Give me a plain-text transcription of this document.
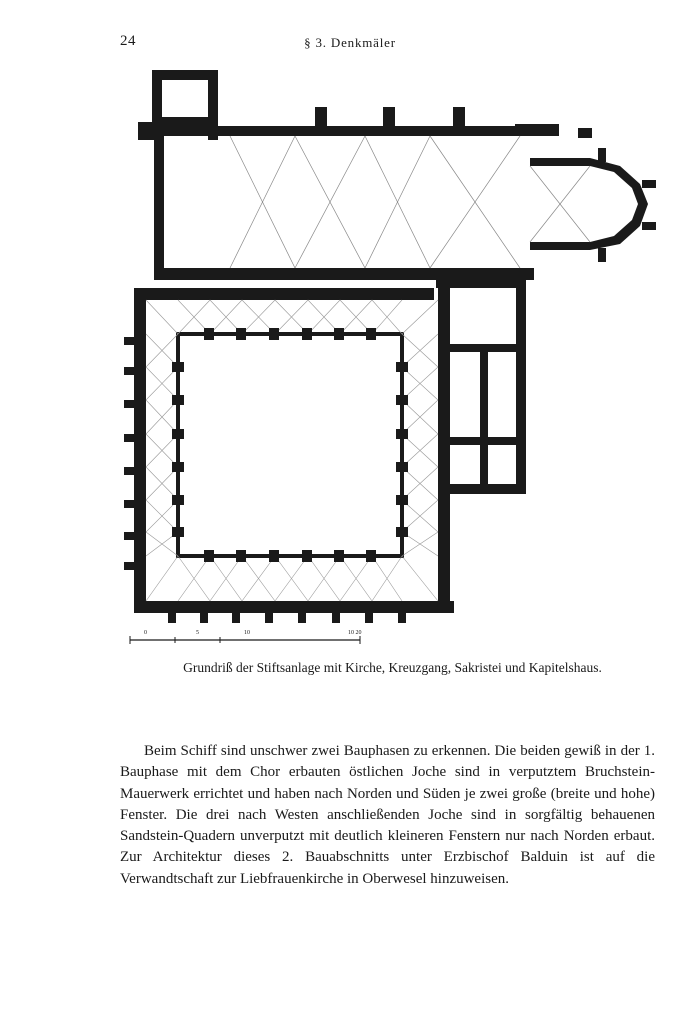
24	§ 3. Denkmäler
0	5	10	10 20
Grundriß der Stiftsanlage mit Kirche, Kreuzgang, Sakristei und Kapitelshaus.

Beim Schiff sind unschwer zwei Bauphasen zu erkennen. Die beiden gewiß in der 1. Bauphase mit dem Chor erbauten östlichen Joche sind in verputztem Bruchstein-Mauerwerk errichtet und haben nach Norden und Süden je zwei große (breite und hohe) Fenster. Die drei nach Westen anschließenden Joche sind in sorgfältig behauenen Sandstein-Quadern unverputzt mit deutlich kleineren Fenstern nur nach Norden erbaut. Zur Architektur dieses 2. Bauabschnitts unter Erzbischof Balduin ist auf die Verwandtschaft zur Liebfrauenkirche in Oberwesel hinzuweisen.
